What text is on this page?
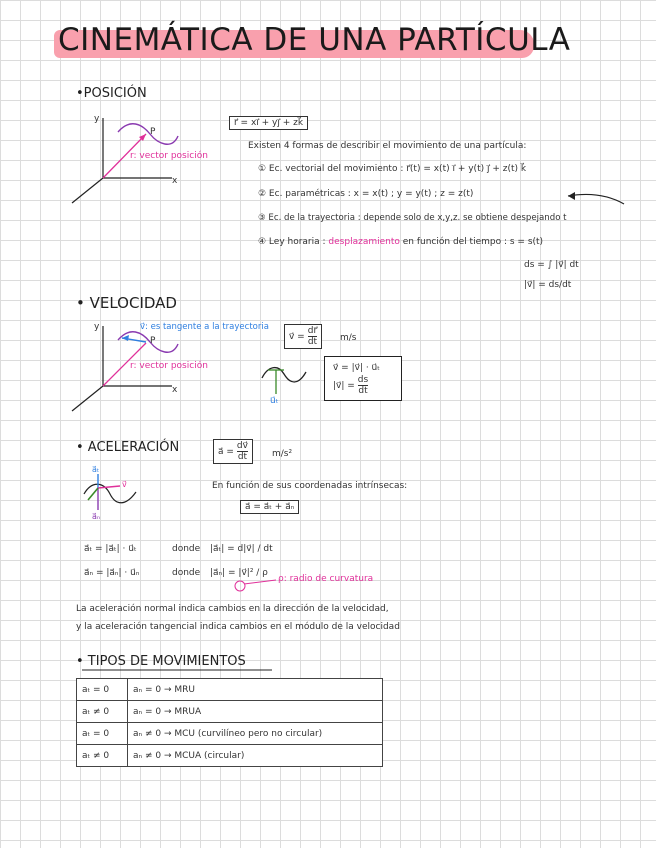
CINEMÁTICA DE UNA PARTÍCULA
•POSICIÓN
y
x
P
r: vector posición
r⃗ = xi⃗ + yj⃗ + zk⃗
Existen 4 formas de describir el movimiento de una partícula:
① Ec. vectorial del movimiento : r⃗(t) = x(t) i⃗ + y(t) j⃗ + z(t) k⃗
② Ec. paramétricas : x = x(t) ; y = y(t) ; z = z(t)
③ Ec. de la trayectoria : depende solo de x,y,z. se obtiene despejando t
④ Ley horaria : desplazamiento en función del tiempo : s = s(t)
ds = ∫ |v⃗| dt
|v⃗| = ds/dt
• VELOCIDAD
y
x
P
v⃗: es tangente a la trayectoria
r: vector posición
u⃗ₜ
v⃗ = $\frac{dr⃗}{dt}$	m/s
v⃗ = |v⃗| · u⃗ₜ
|v⃗| = $\frac{ds}{dt}$
• ACELERACIÓN	a⃗ = $\frac{dv⃗}{dt}$	m/s²
a⃗ₜ
v⃗
a⃗ₙ
En función de sus coordenadas intrínsecas:
a⃗ = a⃗ₜ + a⃗ₙ
a⃗ₜ = |a⃗ₜ| · u⃗ₜ	donde |a⃗ₜ| = d|v⃗| / dt
a⃗ₙ = |a⃗ₙ| · u⃗ₙ	donde |a⃗ₙ| = |v⃗|² / ρ
ρ: radio de curvatura
La aceleración normal indica cambios en la dirección de la velocidad,
y la aceleración tangencial indica cambios en el módulo de la velocidad
• TIPOS DE MOVIMIENTOS
aₜ = 0	aₙ = 0 → MRU
aₜ ≠ 0	aₙ = 0 → MRUA
aₜ = 0	aₙ ≠ 0 → MCU (curvilíneo pero no circular)
aₜ ≠ 0	aₙ ≠ 0 → MCUA (circular)
